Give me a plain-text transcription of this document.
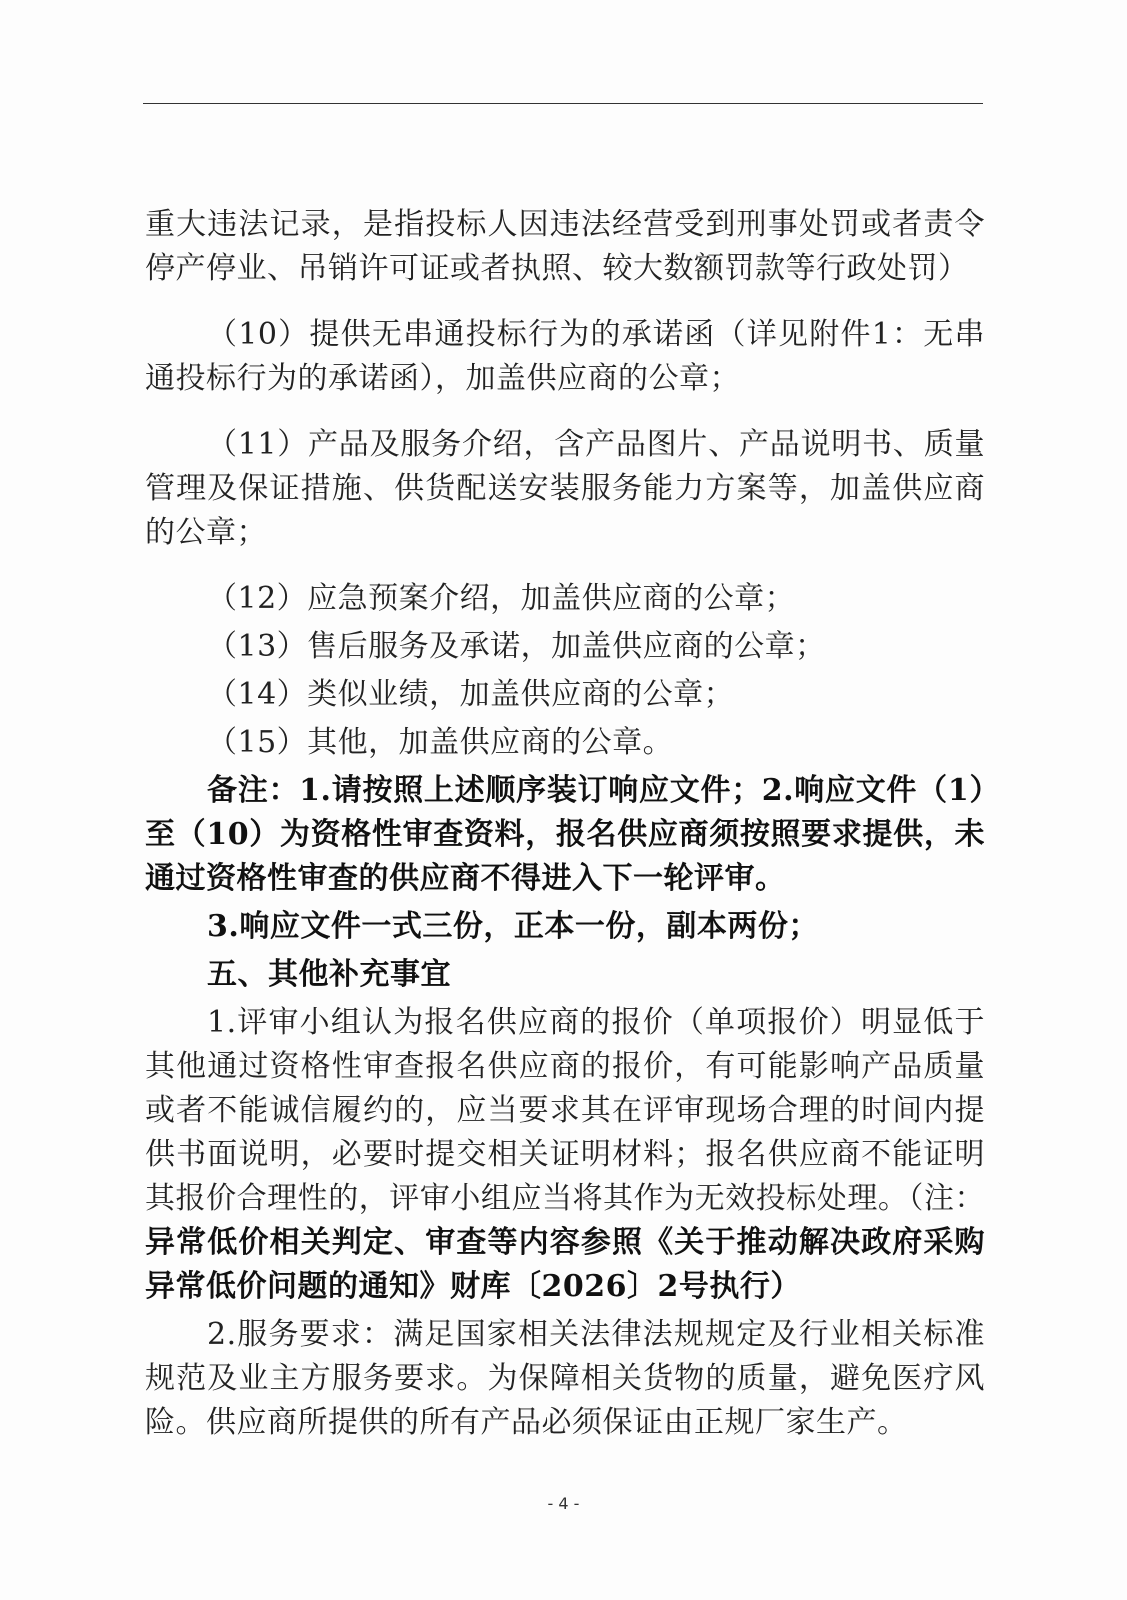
重大违法记录，是指投标人因违法经营受到刑事处罚或者责令停产停业、吊销许可证或者执照、较大数额罚款等行政处罚）

（10）提供无串通投标行为的承诺函（详见附件1：无串通投标行为的承诺函），加盖供应商的公章；

（11）产品及服务介绍，含产品图片、产品说明书、质量管理及保证措施、供货配送安装服务能力方案等，加盖供应商的公章；

（12）应急预案介绍，加盖供应商的公章；

（13）售后服务及承诺，加盖供应商的公章；

（14）类似业绩，加盖供应商的公章；

（15）其他，加盖供应商的公章。

备注：1.请按照上述顺序装订响应文件；2.响应文件（1）至（10）为资格性审查资料，报名供应商须按照要求提供，未通过资格性审查的供应商不得进入下一轮评审。

3.响应文件一式三份，正本一份，副本两份；

五、其他补充事宜

1.评审小组认为报名供应商的报价（单项报价）明显低于其他通过资格性审查报名供应商的报价，有可能影响产品质量或者不能诚信履约的，应当要求其在评审现场合理的时间内提供书面说明，必要时提交相关证明材料；报名供应商不能证明其报价合理性的，评审小组应当将其作为无效投标处理。（注：异常低价相关判定、审查等内容参照《关于推动解决政府采购异常低价问题的通知》财库〔2026〕2号执行）

2.服务要求：满足国家相关法律法规规定及行业相关标准规范及业主方服务要求。为保障相关货物的质量，避免医疗风险。供应商所提供的所有产品必须保证由正规厂家生产。

- 4 -
